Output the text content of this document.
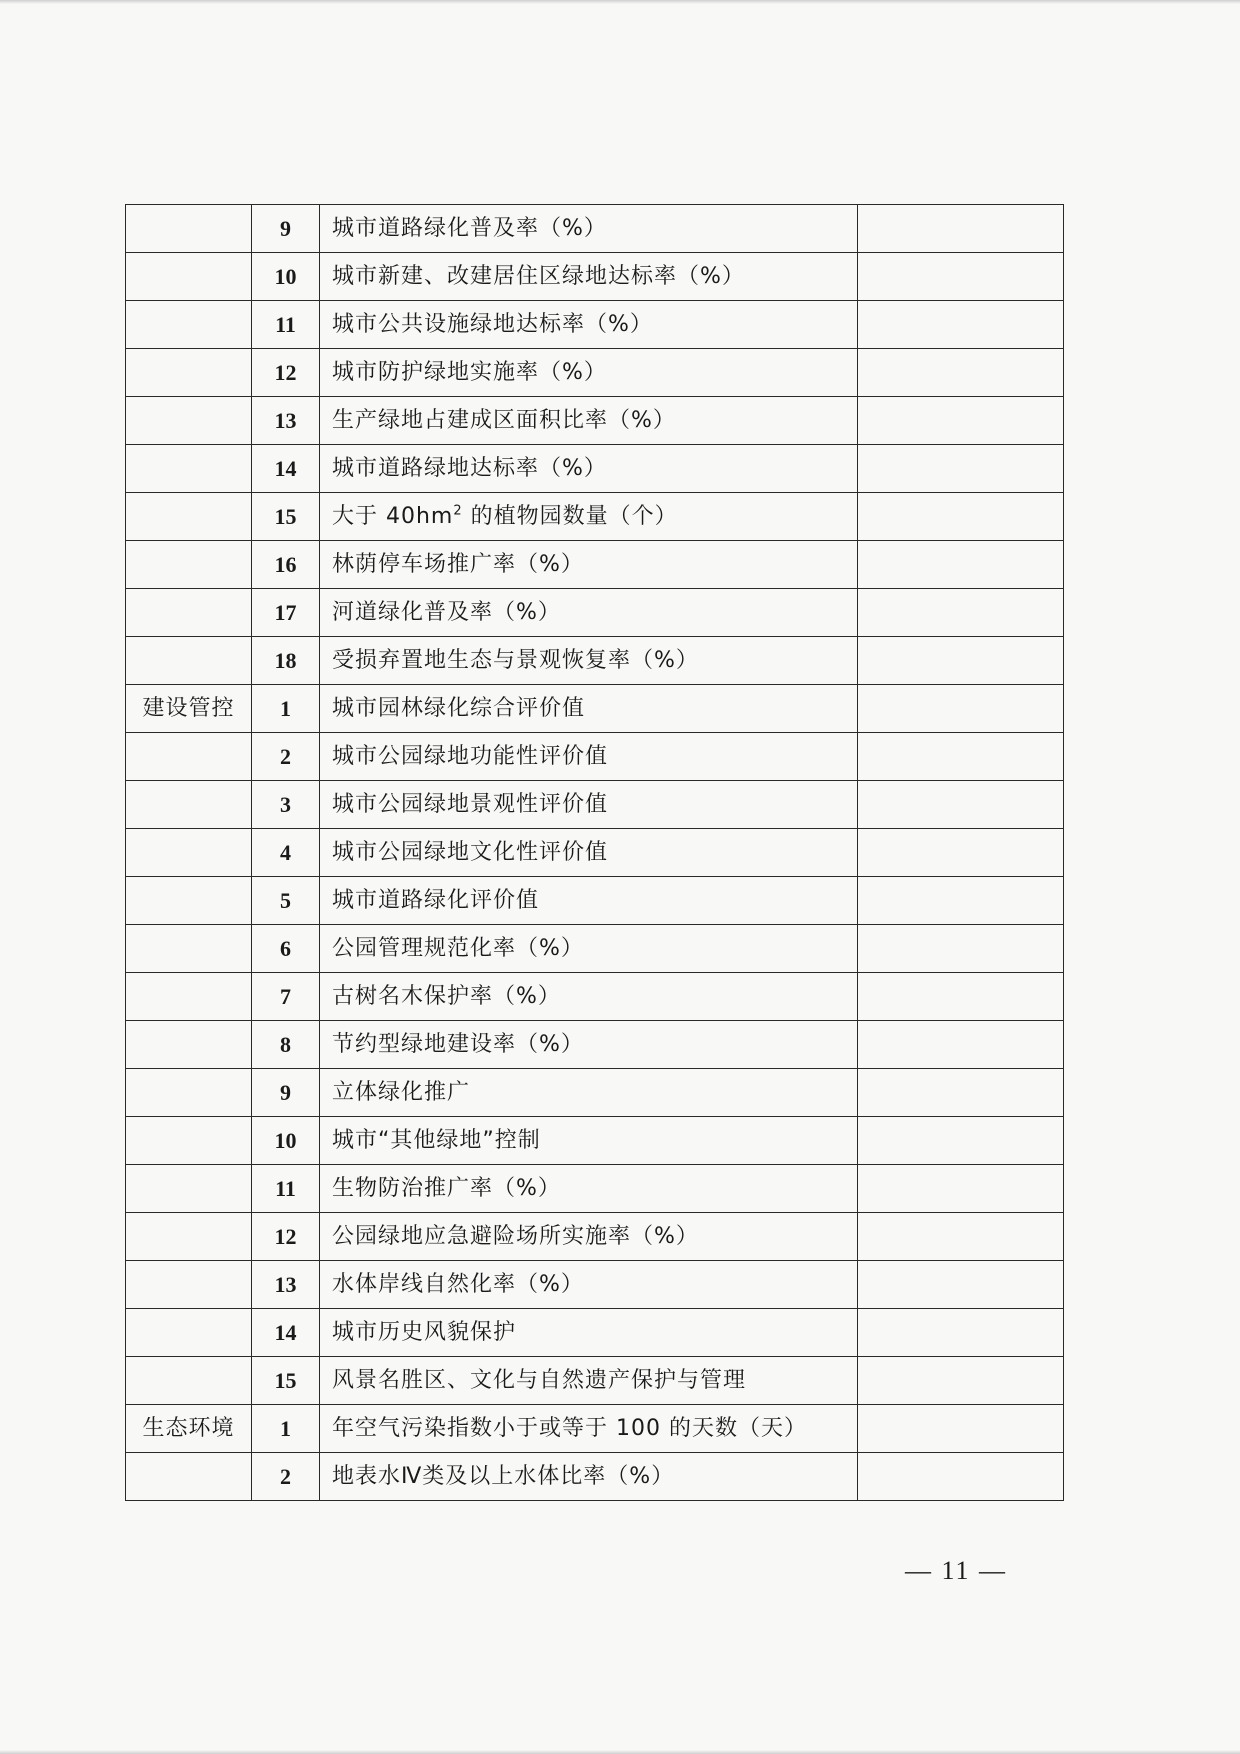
	9	城市道路绿化普及率（%）	
	10	城市新建、改建居住区绿地达标率（%）	
	11	城市公共设施绿地达标率（%）	
	12	城市防护绿地实施率（%）	
	13	生产绿地占建成区面积比率（%）	
	14	城市道路绿地达标率（%）	
	15	大于 $40hm^2$ 的植物园数量（个）	
	16	林荫停车场推广率（%）	
	17	河道绿化普及率（%）	
	18	受损弃置地生态与景观恢复率（%）	
建设管控	1	城市园林绿化综合评价值	
	2	城市公园绿地功能性评价值	
	3	城市公园绿地景观性评价值	
	4	城市公园绿地文化性评价值	
	5	城市道路绿化评价值	
	6	公园管理规范化率（%）	
	7	古树名木保护率（%）	
	8	节约型绿地建设率（%）	
	9	立体绿化推广	
	10	城市“其他绿地”控制	
	11	生物防治推广率（%）	
	12	公园绿地应急避险场所实施率（%）	
	13	水体岸线自然化率（%）	
	14	城市历史风貌保护	
	15	风景名胜区、文化与自然遗产保护与管理	
生态环境	1	年空气污染指数小于或等于 100 的天数（天）	
	2	地表水Ⅳ类及以上水体比率（%）	
— 11 —
